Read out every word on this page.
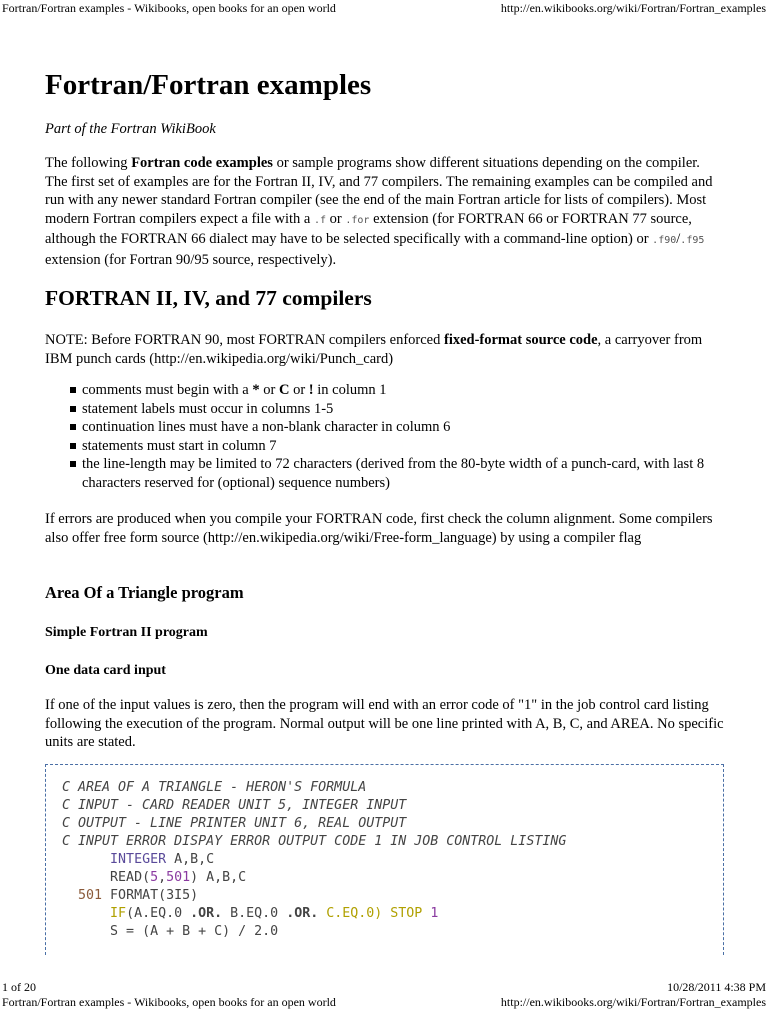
Fortran/Fortran examples - Wikibooks, open books for an open world	http://en.wikibooks.org/wiki/Fortran/Fortran_examples
Fortran/Fortran examples
Part of the Fortran WikiBook
The following Fortran code examples or sample programs show different situations depending on the compiler. The first set of examples are for the Fortran II, IV, and 77 compilers. The remaining examples can be compiled and run with any newer standard Fortran compiler (see the end of the main Fortran article for lists of compilers). Most modern Fortran compilers expect a file with a .f or .for extension (for FORTRAN 66 or FORTRAN 77 source, although the FORTRAN 66 dialect may have to be selected specifically with a command-line option) or .f90/.f95 extension (for Fortran 90/95 source, respectively).
FORTRAN II, IV, and 77 compilers
NOTE: Before FORTRAN 90, most FORTRAN compilers enforced fixed-format source code, a carryover from IBM punch cards (http://en.wikipedia.org/wiki/Punch_card)
comments must begin with a * or C or ! in column 1
statement labels must occur in columns 1-5
continuation lines must have a non-blank character in column 6
statements must start in column 7
the line-length may be limited to 72 characters (derived from the 80-byte width of a punch-card, with last 8 characters reserved for (optional) sequence numbers)
If errors are produced when you compile your FORTRAN code, first check the column alignment. Some compilers also offer free form source (http://en.wikipedia.org/wiki/Free-form_language) by using a compiler flag
Area Of a Triangle program
Simple Fortran II program
One data card input
If one of the input values is zero, then the program will end with an error code of "1" in the job control card listing following the execution of the program. Normal output will be one line printed with A, B, C, and AREA. No specific units are stated.
C AREA OF A TRIANGLE - HERON'S FORMULA
C INPUT - CARD READER UNIT 5, INTEGER INPUT
C OUTPUT - LINE PRINTER UNIT 6, REAL OUTPUT
C INPUT ERROR DISPAY ERROR OUTPUT CODE 1 IN JOB CONTROL LISTING
INTEGER A,B,C
READ(5,501) A,B,C
501 FORMAT(3I5)
IF(A.EQ.0 .OR. B.EQ.0 .OR. C.EQ.0) STOP 1
S = (A + B + C) / 2.0
1 of 20	10/28/2011 4:38 PM
Fortran/Fortran examples - Wikibooks, open books for an open world	http://en.wikibooks.org/wiki/Fortran/Fortran_examples
